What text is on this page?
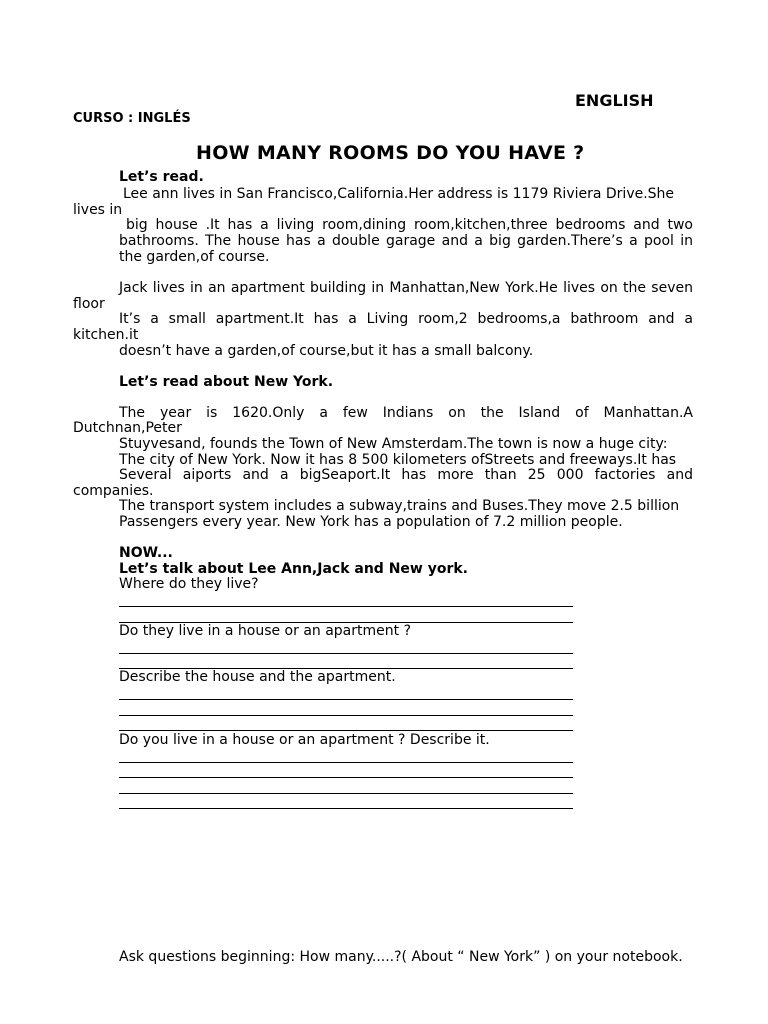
ENGLISH
CURSO : INGLÉS
HOW MANY ROOMS DO YOU HAVE ?
Let’s read.
Lee ann lives in San Francisco,California.Her address is 1179 Riviera Drive.She
lives in
big house .It has a living room,dining room,kitchen,three bedrooms and two
bathrooms. The house has a double garage and a big garden.There’s a pool in
the garden,of course.
Jack lives in an apartment building in Manhattan,New York.He lives on the seven
floor
It’s a small apartment.It has a Living room,2 bedrooms,a bathroom and a
kitchen.it
doesn’t have a garden,of course,but it has a small balcony.
Let’s read about New York.
The year is 1620.Only a few Indians on the Island of Manhattan.A
Dutchnan,Peter
Stuyvesand, founds the Town of New Amsterdam.The town is now a huge city:
The city of New York. Now it has 8 500 kilometers ofStreets and freeways.It has
Several aiports and a bigSeaport.It has more than 25 000 factories and
companies.
The transport system includes a subway,trains and Buses.They move 2.5 billion
Passengers every year. New York has a population of 7.2 million people.
NOW...
Let’s talk about Lee Ann,Jack and New york.
Where do they live?
Do they live in a house or an apartment ?
Describe the house and the apartment.
Do you live in a house or an apartment ? Describe it.
Ask questions beginning: How many.....?( About “ New York” ) on your notebook.
